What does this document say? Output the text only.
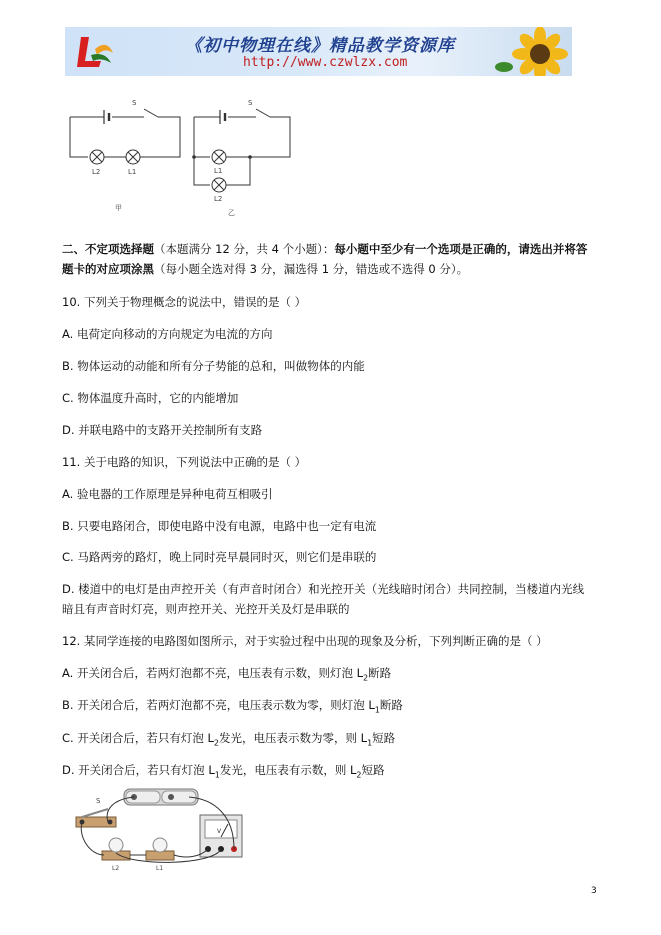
《初中物理在线》精品教学资源库
http://www.czwlzx.com
S
L2	L1
甲
S
L1
L2
乙
二、不定项选择题（本题满分 12 分，共 4 个小题）：每小题中至少有一个选项是正确的，请选出并将答
题卡的对应项涂黑（每小题全选对得 3 分，漏选得 1 分，错选或不选得 0 分）。
10. 下列关于物理概念的说法中，错误的是（ ）
A. 电荷定向移动的方向规定为电流的方向
B. 物体运动的动能和所有分子势能的总和，叫做物体的内能
C. 物体温度升高时，它的内能增加
D. 并联电路中的支路开关控制所有支路
11. 关于电路的知识，下列说法中正确的是（ ）
A. 验电器的工作原理是异种电荷互相吸引
B. 只要电路闭合，即使电路中没有电源，电路中也一定有电流
C. 马路两旁的路灯，晚上同时亮早晨同时灭，则它们是串联的
D. 楼道中的电灯是由声控开关（有声音时闭合）和光控开关（光线暗时闭合）共同控制，当楼道内光线
暗且有声音时灯亮，则声控开关、光控开关及灯是串联的
12. 某同学连接的电路图如图所示，对于实验过程中出现的现象及分析，下列判断正确的是（ ）
A. 开关闭合后，若两灯泡都不亮，电压表有示数，则灯泡 $L_2$断路
B. 开关闭合后，若两灯泡都不亮，电压表示数为零，则灯泡 $L_1$断路
C. 开关闭合后，若只有灯泡 $L_2$发光，电压表示数为零，则 $L_1$短路
D. 开关闭合后，若只有灯泡 $L_1$发光，电压表有示数，则 $L_2$短路
S
V
L2	L1
3
